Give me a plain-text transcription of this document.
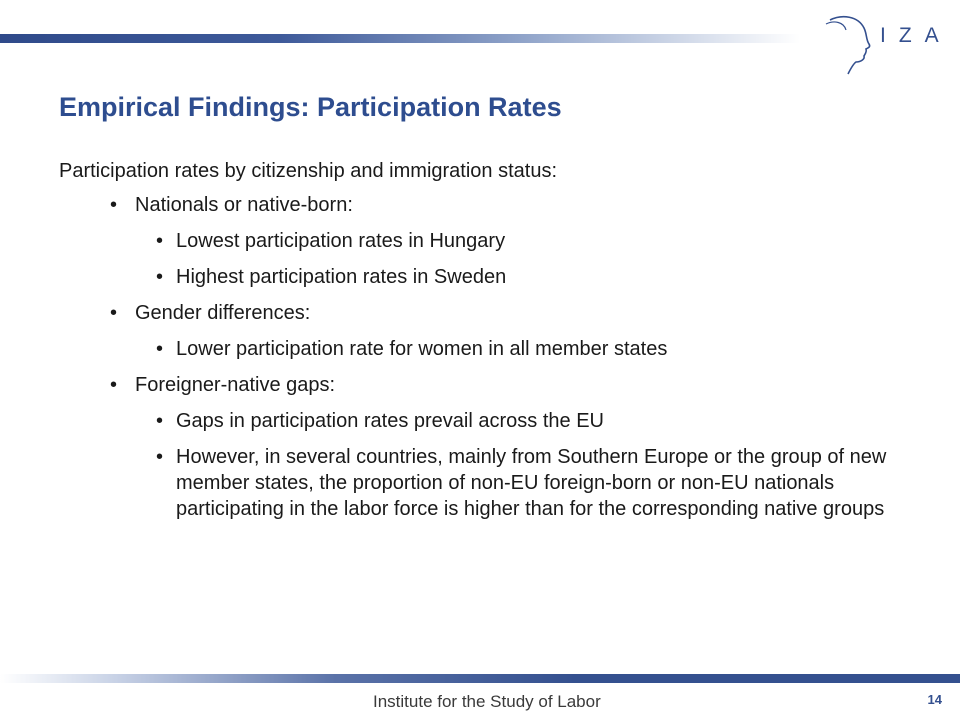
IZA
Empirical Findings: Participation Rates
Participation rates by citizenship and immigration status:
• Nationals or native-born:
• Lowest participation rates in Hungary
• Highest participation rates in Sweden
• Gender differences:
• Lower participation rate for women in all member states
• Foreigner-native gaps:
• Gaps in participation rates prevail across the EU
• However, in several countries, mainly from Southern Europe or the group of new member states, the proportion of non-EU foreign-born or non-EU nationals participating in the labor force is higher than for the corresponding native groups
Institute for the Study of Labor	14
